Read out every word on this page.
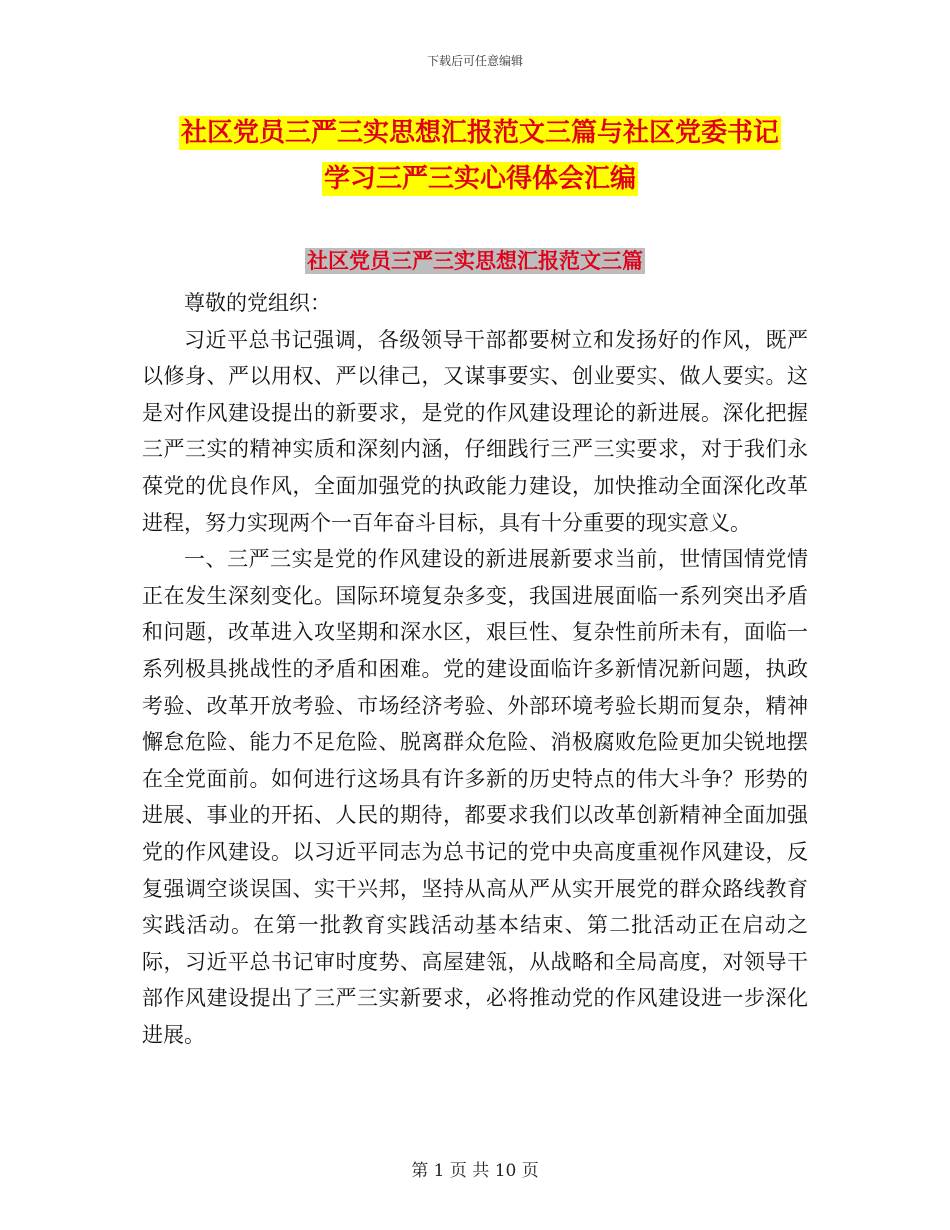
下载后可任意编辑
社区党员三严三实思想汇报范文三篇与社区党委书记
学习三严三实心得体会汇编
社区党员三严三实思想汇报范文三篇

尊敬的党组织：

习近平总书记强调，各级领导干部都要树立和发扬好的作风，既严以修身、严以用权、严以律己，又谋事要实、创业要实、做人要实。这是对作风建设提出的新要求，是党的作风建设理论的新进展。深化把握三严三实的精神实质和深刻内涵，仔细践行三严三实要求，对于我们永葆党的优良作风，全面加强党的执政能力建设，加快推动全面深化改革进程，努力实现两个一百年奋斗目标，具有十分重要的现实意义。

一、三严三实是党的作风建设的新进展新要求当前，世情国情党情正在发生深刻变化。国际环境复杂多变，我国进展面临一系列突出矛盾和问题，改革进入攻坚期和深水区，艰巨性、复杂性前所未有，面临一系列极具挑战性的矛盾和困难。党的建设面临许多新情况新问题，执政考验、改革开放考验、市场经济考验、外部环境考验长期而复杂，精神懈怠危险、能力不足危险、脱离群众危险、消极腐败危险更加尖锐地摆在全党面前。如何进行这场具有许多新的历史特点的伟大斗争？形势的进展、事业的开拓、人民的期待，都要求我们以改革创新精神全面加强党的作风建设。以习近平同志为总书记的党中央高度重视作风建设，反复强调空谈误国、实干兴邦，坚持从高从严从实开展党的群众路线教育实践活动。在第一批教育实践活动基本结束、第二批活动正在启动之际，习近平总书记审时度势、高屋建瓴，从战略和全局高度，对领导干部作风建设提出了三严三实新要求，必将推动党的作风建设进一步深化进展。

第 1 页 共 10 页
